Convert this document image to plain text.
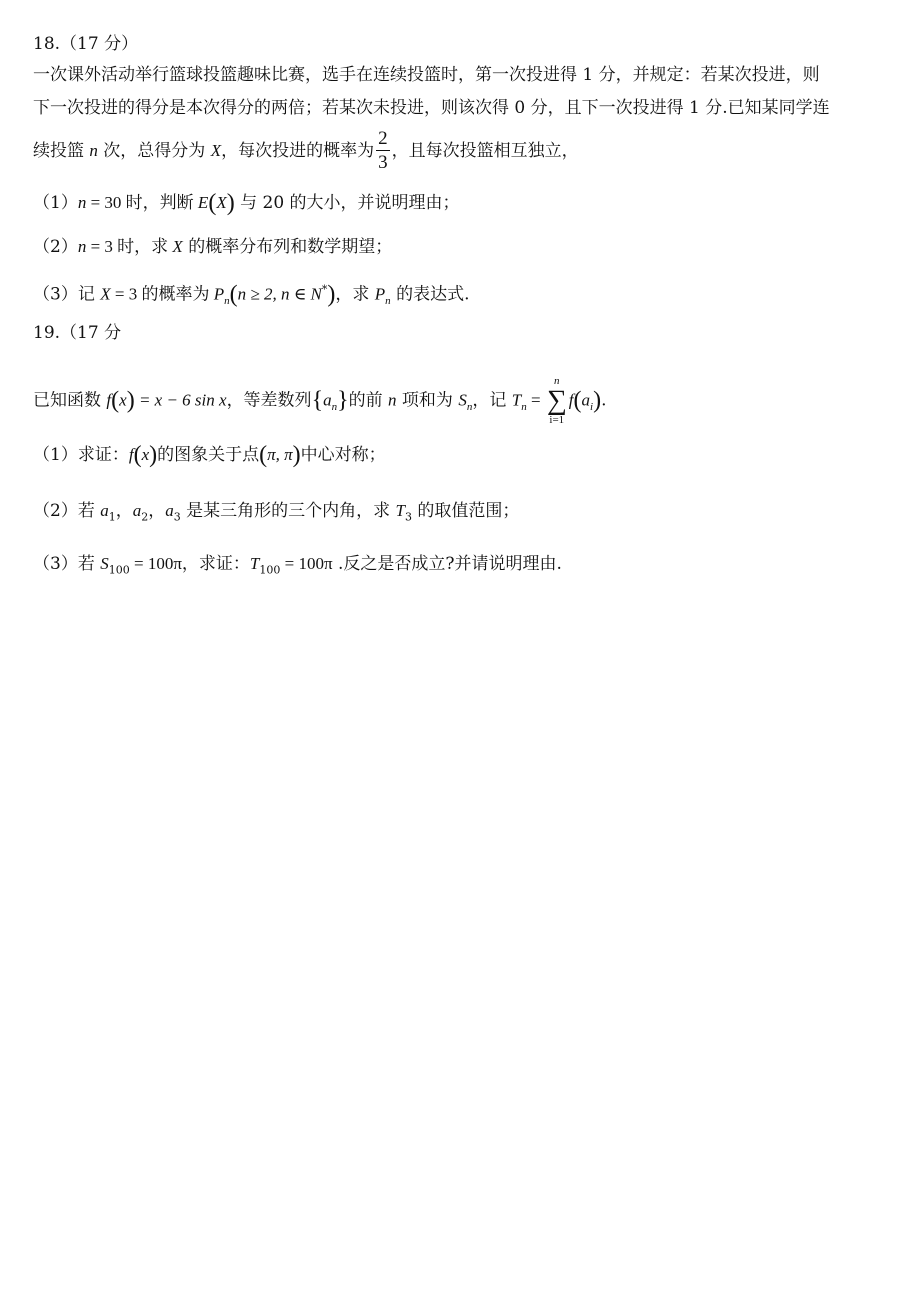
18.（17 分）
一次课外活动举行篮球投篮趣味比赛，选手在连续投篮时，第一次投进得 1 分，并规定：若某次投进，则
下一次投进的得分是本次得分的两倍；若某次未投进，则该次得 0 分，且下一次投进得 1 分.已知某同学连
续投篮 n 次，总得分为 X，每次投进的概率为 $\frac{2}{3}$ ，且每次投篮相互独立，
（1）n = 30 时，判断 E(X) 与 20 的大小，并说明理由；
（2）n = 3 时，求 X 的概率分布列和数学期望；
（3）记 X = 3 的概率为 $P_n(n \ge 2$, n ∈ N*)，求 $P_n$ 的表达式.
19.（17 分
已知函数 f(x) = x − 6 sin x，等差数列$\{a_n\}$的前 n 项和为 $S_n$，记 $T_n$ =
n
∑
i=1
$f(a_i)$.
（1）求证：f(x)的图象关于点(π, π)中心对称；
（2）若 $a_1$，$a_2$，$a_3$ 是某三角形的三个内角，求 $T_3$ 的取值范围；
（3）若 $S_{100} = 100\pi$，求证：$T_{100} = 100\pi$ .反之是否成立?并请说明理由.
